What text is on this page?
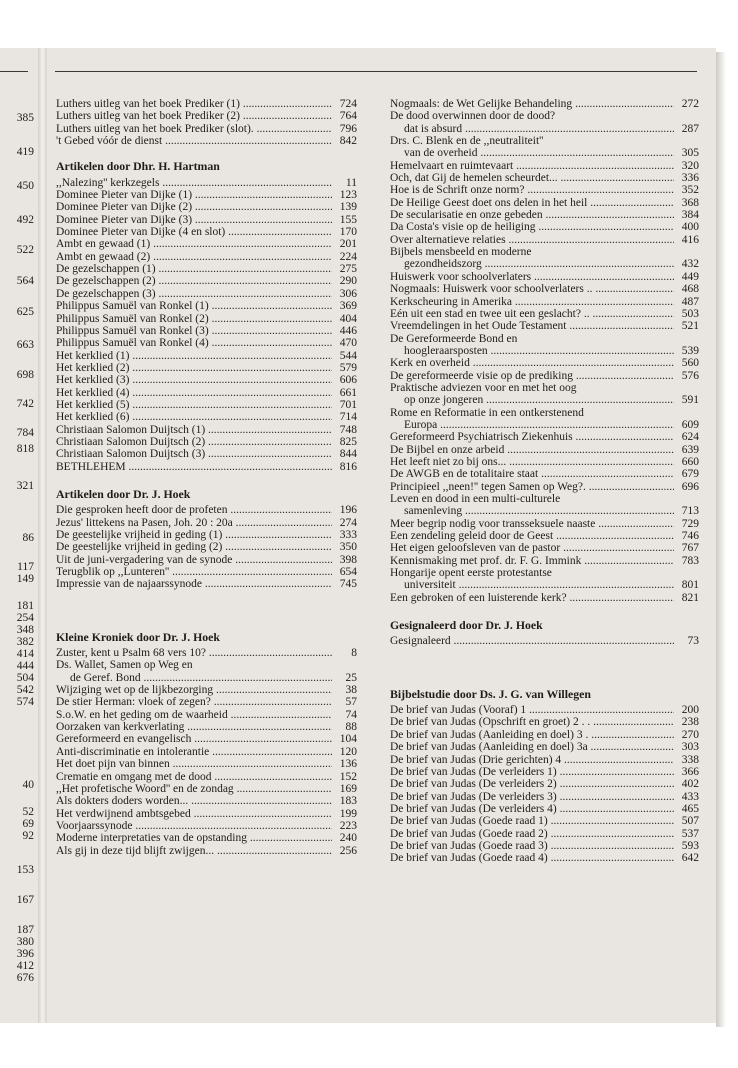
385
419
450
492
522
564
625
663
698
742
784
818
321
86
117
149
181
254
348
382
414
444
504
542
574
40
52
69
92
153
167
187
380
396
412
676
Luthers uitleg van het boek Prediker (1) .....	724
Luthers uitleg van het boek Prediker (2) .....	764
Luthers uitleg van het boek Prediker (slot). .....	796
't Gebed vóór de dienst .....	842
Artikelen door Dhr. H. Hartman
,,Nalezing'' kerkzegels .....	11
Dominee Pieter van Dijke (1) .....	123
Dominee Pieter van Dijke (2) .....	139
Dominee Pieter van Dijke (3) .....	155
Dominee Pieter van Dijke (4 en slot) .....	170
Ambt en gewaad (1) .....	201
Ambt en gewaad (2) .....	224
De gezelschappen (1) .....	275
De gezelschappen (2) .....	290
De gezelschappen (3) .....	306
Philippus Samuël van Ronkel (1) .....	369
Philippus Samuël van Ronkel (2) .....	404
Philippus Samuël van Ronkel (3) .....	446
Philippus Samuël van Ronkel (4) .....	470
Het kerklied (1) .....	544
Het kerklied (2) .....	579
Het kerklied (3) .....	606
Het kerklied (4) .....	661
Het kerklied (5) .....	701
Het kerklied (6) .....	714
Christiaan Salomon Duijtsch (1) .....	748
Christiaan Salomon Duijtsch (2) .....	825
Christiaan Salomon Duijtsch (3) .....	844
BETHLEHEM .....	816
Artikelen door Dr. J. Hoek
Die gesproken heeft door de profeten .....	196
Jezus' littekens na Pasen, Joh. 20 : 20a .....	274
De geestelijke vrijheid in geding (1) .....	333
De geestelijke vrijheid in geding (2) .....	350
Uit de juni-vergadering van de synode .....	398
Terugblik op ,,Lunteren'' .....	654
Impressie van de najaarssynode .....	745
Kleine Kroniek door Dr. J. Hoek
Zuster, kent u Psalm 68 vers 10? .....	8
Ds. Wallet, Samen op Weg en
de Geref. Bond .....	25
Wijziging wet op de lijkbezorging .....	38
De stier Herman: vloek of zegen? .....	57
S.o.W. en het geding om de waarheid .....	74
Oorzaken van kerkverlating .....	88
Gereformeerd en evangelisch .....	104
Anti-discriminatie en intolerantie .....	120
Het doet pijn van binnen .....	136
Crematie en omgang met de dood .....	152
,,Het profetische Woord'' en de zondag .....	169
Als dokters doders worden... .....	183
Het verdwijnend ambtsgebed .....	199
Voorjaarssynode .....	223
Moderne interpretaties van de opstanding .....	240
Als gij in deze tijd blijft zwijgen... .....	256
Nogmaals: de Wet Gelijke Behandeling .....	272
De dood overwinnen door de dood?
dat is absurd .....	287
Drs. C. Blenk en de ,,neutraliteit''
van de overheid .....	305
Hemelvaart en ruimtevaart .....	320
Och, dat Gij de hemelen scheurdet... .....	336
Hoe is de Schrift onze norm? .....	352
De Heilige Geest doet ons delen in het heil .....	368
De secularisatie en onze gebeden .....	384
Da Costa's visie op de heiliging .....	400
Over alternatieve relaties .....	416
Bijbels mensbeeld en moderne
gezondheidszorg .....	432
Huiswerk voor schoolverlaters .....	449
Nogmaals: Huiswerk voor schoolverlaters .. .....	468
Kerkscheuring in Amerika .....	487
Eén uit een stad en twee uit een geslacht? .. .....	503
Vreemdelingen in het Oude Testament .....	521
De Gereformeerde Bond en
hoogleraarsposten .....	539
Kerk en overheid .....	560
De gereformeerde visie op de prediking .....	576
Praktische adviezen voor en met het oog
op onze jongeren .....	591
Rome en Reformatie in een ontkerstenend
Europa .....	609
Gereformeerd Psychiatrisch Ziekenhuis .....	624
De Bijbel en onze arbeid .....	639
Het leeft niet zo bij ons... .....	660
De AWGB en de totalitaire staat .....	679
Principieel ,,neen!'' tegen Samen op Weg?. .....	696
Leven en dood in een multi-culturele
samenleving .....	713
Meer begrip nodig voor transseksuele naaste .....	729
Een zendeling geleid door de Geest .....	746
Het eigen geloofsleven van de pastor .....	767
Kennismaking met prof. dr. F. G. Immink .....	783
Hongarije opent eerste protestantse
universiteit .....	801
Een gebroken of een luisterende kerk? .....	821
Gesignaleerd door Dr. J. Hoek
Gesignaleerd .....	73
Bijbelstudie door Ds. J. G. van Willegen
De brief van Judas (Vooraf) 1 .....	200
De brief van Judas (Opschrift en groet) 2 . . .....	238
De brief van Judas (Aanleiding en doel) 3 . .....	270
De brief van Judas (Aanleiding en doel) 3a .....	303
De brief van Judas (Drie gerichten) 4 .....	338
De brief van Judas (De verleiders 1) .....	366
De brief van Judas (De verleiders 2) .....	402
De brief van Judas (De verleiders 3) .....	433
De brief van Judas (De verleiders 4) .....	465
De brief van Judas (Goede raad 1) .....	507
De brief van Judas (Goede raad 2) .....	537
De brief van Judas (Goede raad 3) .....	593
De brief van Judas (Goede raad 4) .....	642
